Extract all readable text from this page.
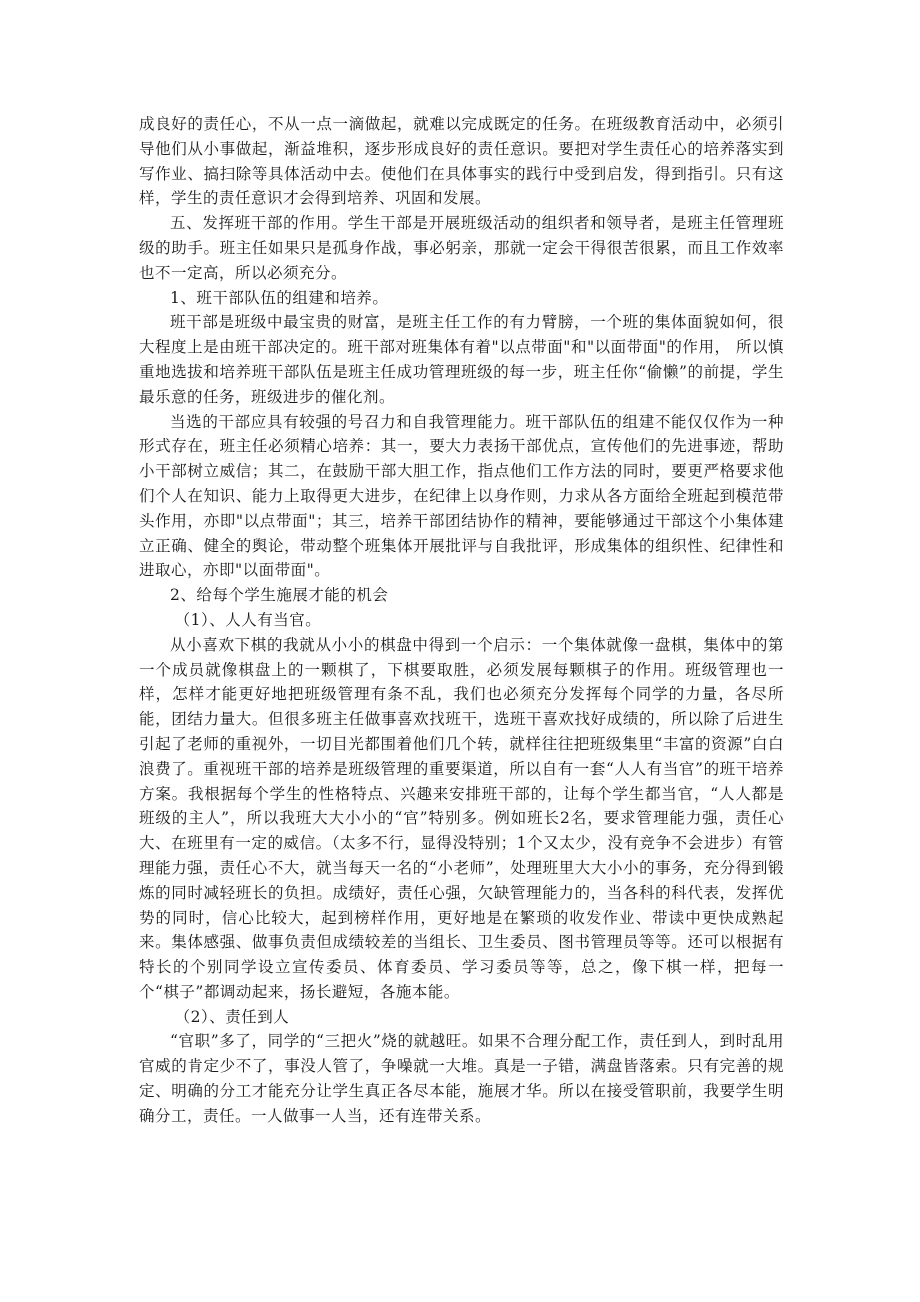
成良好的责任心，不从一点一滴做起，就难以完成既定的任务。在班级教育活动中，必须引导他们从小事做起，渐益堆积，逐步形成良好的责任意识。要把对学生责任心的培养落实到写作业、搞扫除等具体活动中去。使他们在具体事实的践行中受到启发，得到指引。只有这样，学生的责任意识才会得到培养、巩固和发展。

五、发挥班干部的作用。学生干部是开展班级活动的组织者和领导者，是班主任管理班级的助手。班主任如果只是孤身作战，事必躬亲，那就一定会干得很苦很累，而且工作效率也不一定高，所以必须充分。

1、班干部队伍的组建和培养。

班干部是班级中最宝贵的财富，是班主任工作的有力臂膀，一个班的集体面貌如何，很大程度上是由班干部决定的。班干部对班集体有着"以点带面"和"以面带面"的作用， 所以慎重地选拔和培养班干部队伍是班主任成功管理班级的每一步，班主任你“偷懒”的前提，学生最乐意的任务，班级进步的催化剂。

当选的干部应具有较强的号召力和自我管理能力。班干部队伍的组建不能仅仅作为一种形式存在，班主任必须精心培养：其一，要大力表扬干部优点，宣传他们的先进事迹，帮助小干部树立威信；其二，在鼓励干部大胆工作，指点他们工作方法的同时，要更严格要求他们个人在知识、能力上取得更大进步，在纪律上以身作则，力求从各方面给全班起到模范带头作用，亦即"以点带面"；其三，培养干部团结协作的精神，要能够通过干部这个小集体建立正确、健全的舆论，带动整个班集体开展批评与自我批评，形成集体的组织性、纪律性和进取心，亦即"以面带面"。

2、给每个学生施展才能的机会

（1）、人人有当官。

从小喜欢下棋的我就从小小的棋盘中得到一个启示：一个集体就像一盘棋，集体中的第一个成员就像棋盘上的一颗棋了，下棋要取胜，必须发展每颗棋子的作用。班级管理也一样，怎样才能更好地把班级管理有条不乱，我们也必须充分发挥每个同学的力量，各尽所能，团结力量大。但很多班主任做事喜欢找班干，选班干喜欢找好成绩的，所以除了后进生引起了老师的重视外，一切目光都围着他们几个转，就样往往把班级集里“丰富的资源”白白浪费了。重视班干部的培养是班级管理的重要渠道，所以自有一套“人人有当官”的班干培养方案。我根据每个学生的性格特点、兴趣来安排班干部的，让每个学生都当官，“人人都是班级的主人”，所以我班大大小小的“官”特别多。例如班长2名，要求管理能力强，责任心大、在班里有一定的威信。（太多不行，显得没特别；1个又太少，没有竞争不会进步）有管理能力强，责任心不大，就当每天一名的“小老师”，处理班里大大小小的事务，充分得到锻炼的同时减轻班长的负担。成绩好，责任心强，欠缺管理能力的，当各科的科代表，发挥优势的同时，信心比较大，起到榜样作用，更好地是在繁琐的收发作业、带读中更快成熟起来。集体感强、做事负责但成绩较差的当组长、卫生委员、图书管理员等等。还可以根据有特长的个别同学设立宣传委员、体育委员、学习委员等等，总之，像下棋一样，把每一个“棋子”都调动起来，扬长避短，各施本能。

（2）、责任到人

“官职”多了，同学的“三把火”烧的就越旺。如果不合理分配工作，责任到人，到时乱用官威的肯定少不了，事没人管了，争噪就一大堆。真是一子错，满盘皆落索。只有完善的规定、明确的分工才能充分让学生真正各尽本能，施展才华。所以在接受管职前，我要学生明确分工，责任。一人做事一人当，还有连带关系。
